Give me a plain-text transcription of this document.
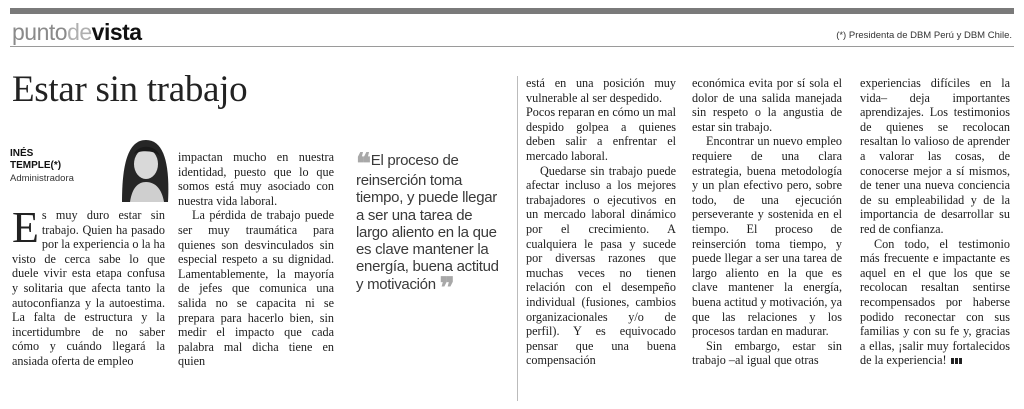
puntodevista	(*) Presidenta de DBM Perú y DBM Chile.
Estar sin trabajo
INÉS
TEMPLE(*)
Administradora

Es muy duro estar sin trabajo. Quien ha pasado por la experiencia o la ha visto de cerca sabe lo que duele vivir esta etapa confusa y solitaria que afecta tanto la autoconfianza y la autoestima. La falta de estructura y la incertidumbre de no saber cómo y cuándo llegará la ansiada oferta de empleo

impactan mucho en nuestra identidad, puesto que lo que somos está muy asociado con nuestra vida laboral.

La pérdida de trabajo puede ser muy traumática para quienes son desvinculados sin especial respeto a su dignidad. Lamentablemente, la mayoría de jefes que comunica una salida no se capacita ni se prepara para hacerlo bien, sin medir el impacto que cada palabra mal dicha tiene en quien

❝El proceso de reinserción toma tiempo, y puede llegar a ser una tarea de largo aliento en la que es clave mantener la energía, buena actitud y motivación ❞

está en una posición muy vulnerable al ser despedido.

Pocos reparan en cómo un mal despido golpea a quienes deben salir a enfrentar el mercado laboral.

Quedarse sin trabajo puede afectar incluso a los mejores trabajadores o ejecutivos en un mercado laboral dinámico por el crecimiento. A cualquiera le pasa y sucede por diversas razones que muchas veces no tienen relación con el desempeño individual (fusiones, cambios organizacionales y/o de perfil). Y es equivocado pensar que una buena compensación

económica evita por sí sola el dolor de una salida manejada sin respeto o la angustia de estar sin trabajo.

Encontrar un nuevo empleo requiere de una clara estrategia, buena metodología y un plan efectivo pero, sobre todo, de una ejecución perseverante y sostenida en el tiempo. El proceso de reinserción toma tiempo, y puede llegar a ser una tarea de largo aliento en la que es clave mantener la energía, buena actitud y motivación, ya que las relaciones y los procesos tardan en madurar.

Sin embargo, estar sin trabajo –al igual que otras

experiencias difíciles en la vida– deja importantes aprendizajes. Los testimonios de quienes se recolocan resaltan lo valioso de aprender a valorar las cosas, de conocerse mejor a sí mismos, de tener una nueva conciencia de su empleabilidad y de la importancia de desarrollar su red de confianza.

Con todo, el testimonio más frecuente e impactante es aquel en el que los que se recolocan resaltan sentirse recompensados por haberse podido reconectar con sus familias y con su fe y, gracias a ellas, ¡salir muy fortalecidos de la experiencia!
